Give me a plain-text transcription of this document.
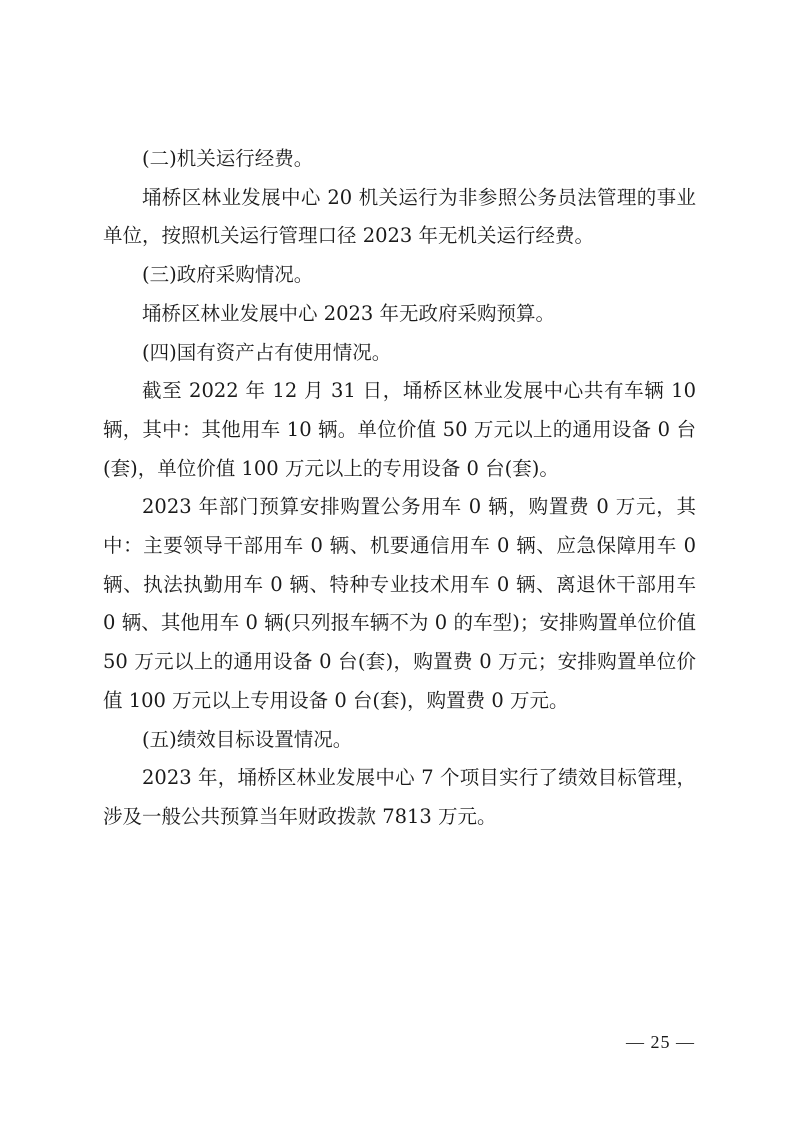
(二)机关运行经费。

埇桥区林业发展中心 20 机关运行为非参照公务员法管理的事业单位，按照机关运行管理口径 2023 年无机关运行经费。

(三)政府采购情况。

埇桥区林业发展中心 2023 年无政府采购预算。

(四)国有资产占有使用情况。

截至 2022 年 12 月 31 日，埇桥区林业发展中心共有车辆 10 辆，其中：其他用车 10 辆。单位价值 50 万元以上的通用设备 0 台(套)，单位价值 100 万元以上的专用设备 0 台(套)。

2023 年部门预算安排购置公务用车 0 辆，购置费 0 万元，其中：主要领导干部用车 0 辆、机要通信用车 0 辆、应急保障用车 0 辆、执法执勤用车 0 辆、特种专业技术用车 0 辆、离退休干部用车 0 辆、其他用车 0 辆(只列报车辆不为 0 的车型)；安排购置单位价值 50 万元以上的通用设备 0 台(套)，购置费 0 万元；安排购置单位价值 100 万元以上专用设备 0 台(套)，购置费 0 万元。

(五)绩效目标设置情况。

2023 年，埇桥区林业发展中心 7 个项目实行了绩效目标管理，涉及一般公共预算当年财政拨款 7813 万元。

— 25 —
